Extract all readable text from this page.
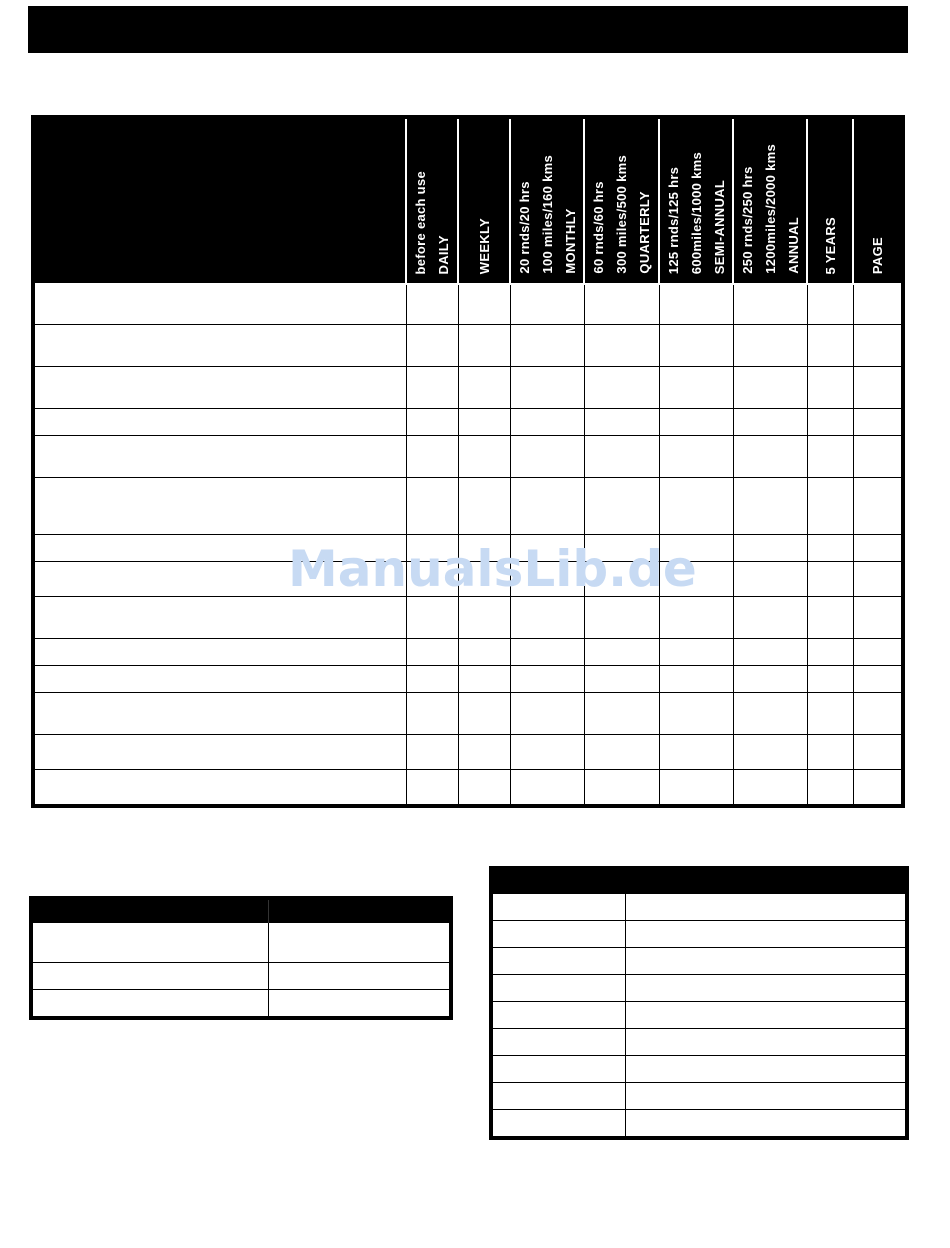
	before each use DAILY	WEEKLY	20 rnds/20 hrs 100 miles/160 kms MONTHLY	60 rnds/60 hrs 300 miles/500 kms QUARTERLY	125 rnds/125 hrs 600miles/1000 kms SEMI-ANNUAL	250 rnds/250 hrs 1200miles/2000 kms ANNUAL	5 YEARS	PAGE

ManualsLib.de
